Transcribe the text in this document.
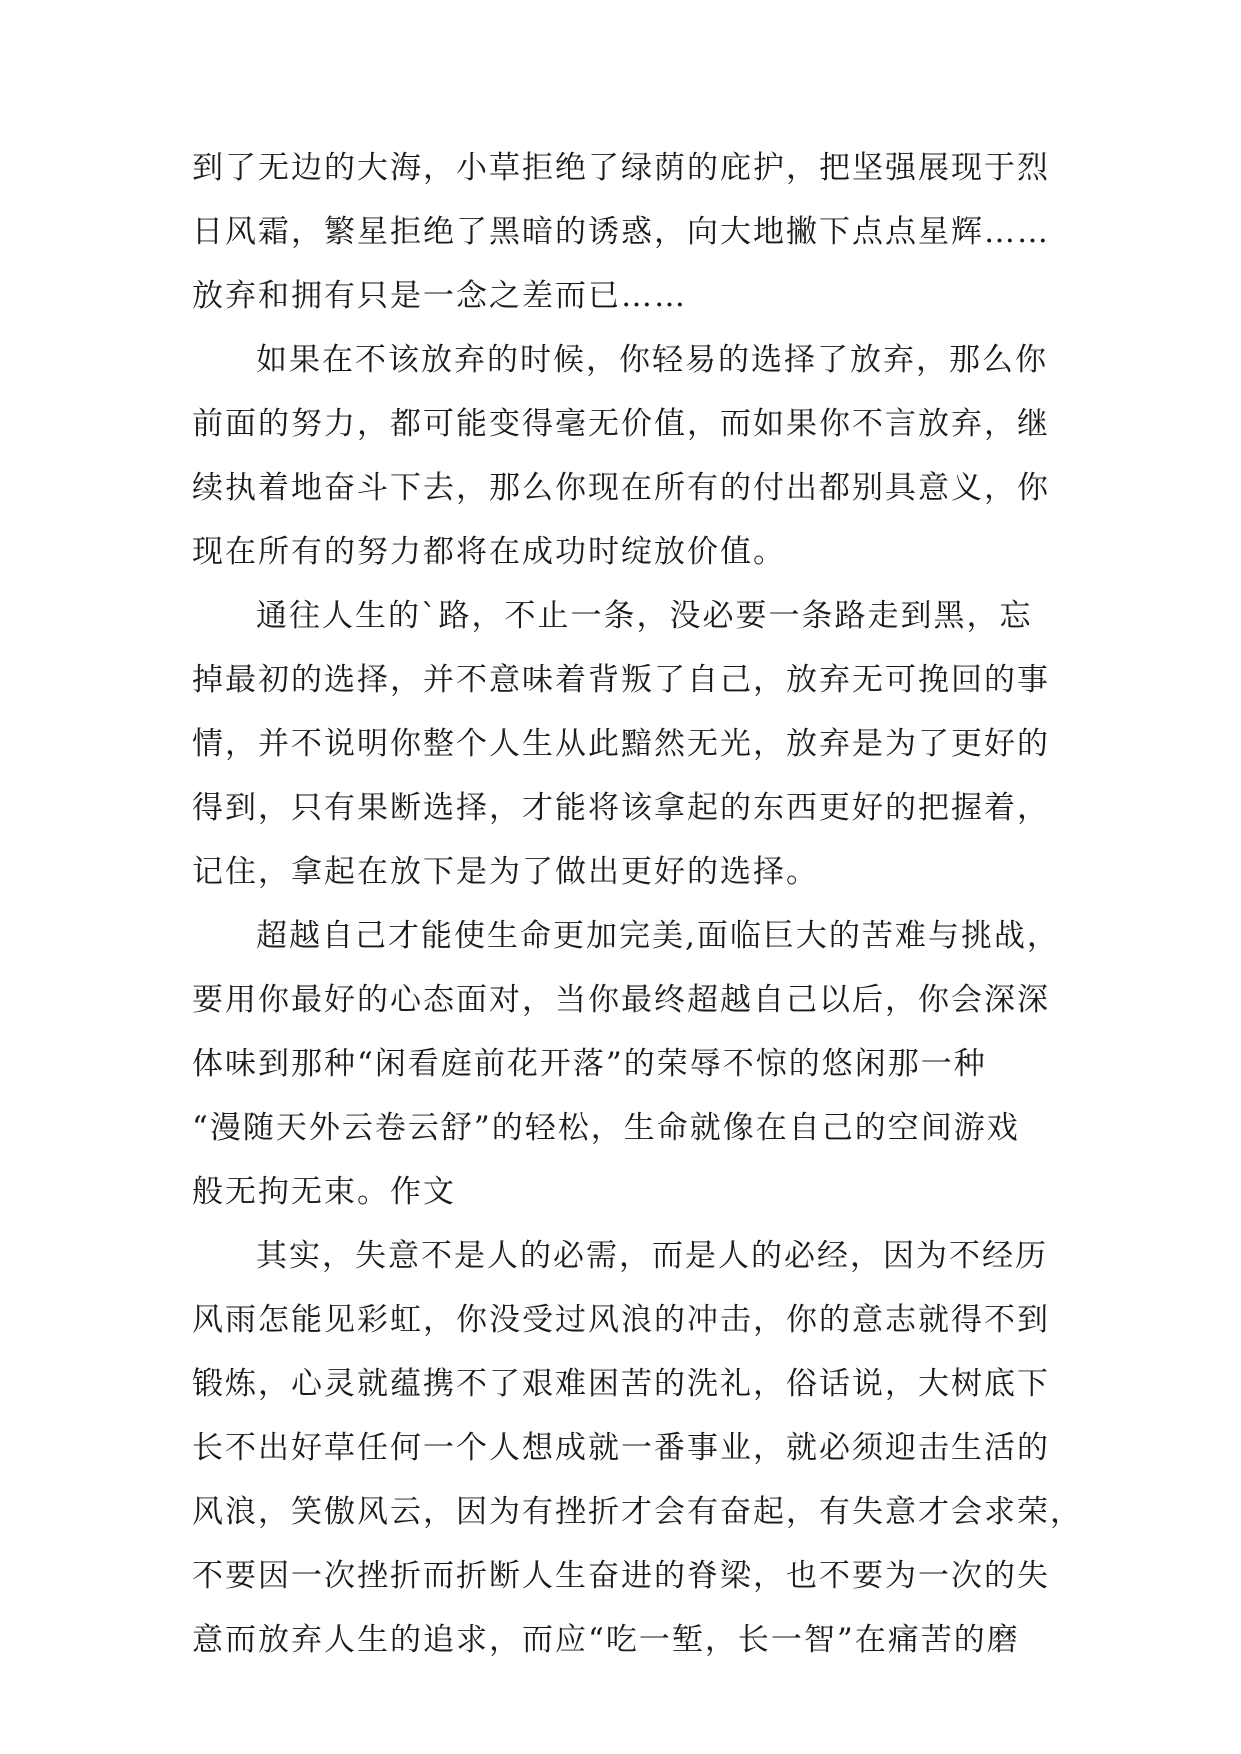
到了无边的大海，小草拒绝了绿荫的庇护，把坚强展现于烈
日风霜，繁星拒绝了黑暗的诱惑，向大地撇下点点星辉……
放弃和拥有只是一念之差而已……
如果在不该放弃的时候，你轻易的选择了放弃，那么你
前面的努力，都可能变得毫无价值，而如果你不言放弃，继
续执着地奋斗下去，那么你现在所有的付出都别具意义，你
现在所有的努力都将在成功时绽放价值。
通往人生的`路，不止一条，没必要一条路走到黑，忘
掉最初的选择，并不意味着背叛了自己，放弃无可挽回的事
情，并不说明你整个人生从此黯然无光，放弃是为了更好的
得到，只有果断选择，才能将该拿起的东西更好的把握着，
记住，拿起在放下是为了做出更好的选择。
超越自己才能使生命更加完美,面临巨大的苦难与挑战，
要用你最好的心态面对，当你最终超越自己以后，你会深深
体味到那种“闲看庭前花开落”的荣辱不惊的悠闲那一种
“漫随天外云卷云舒”的轻松，生命就像在自己的空间游戏
般无拘无束。作文
其实，失意不是人的必需，而是人的必经，因为不经历
风雨怎能见彩虹，你没受过风浪的冲击，你的意志就得不到
锻炼，心灵就蕴携不了艰难困苦的洗礼，俗话说，大树底下
长不出好草任何一个人想成就一番事业，就必须迎击生活的
风浪，笑傲风云，因为有挫折才会有奋起，有失意才会求荣，
不要因一次挫折而折断人生奋进的脊梁，也不要为一次的失
意而放弃人生的追求，而应“吃一堑，长一智”在痛苦的磨
